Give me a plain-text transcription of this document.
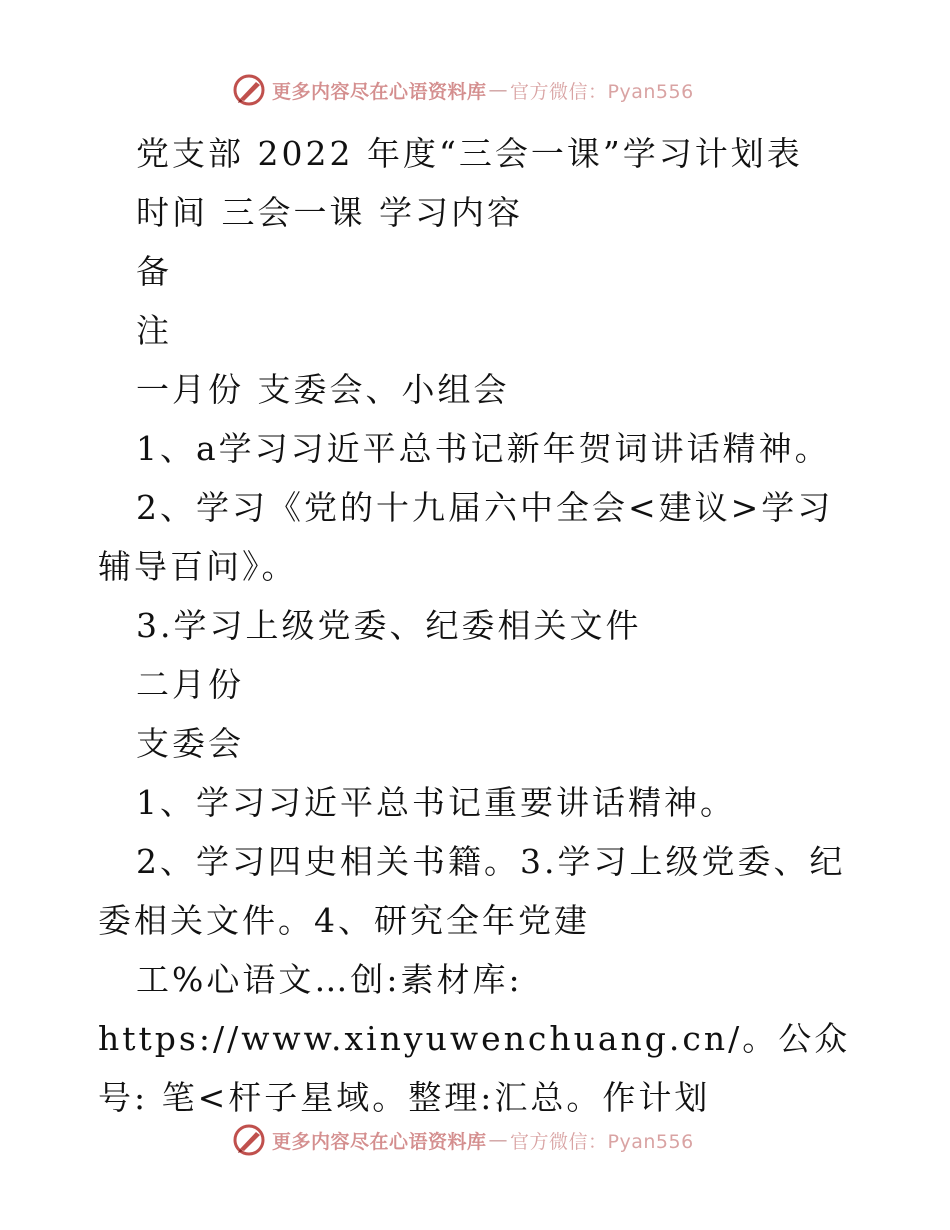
更多内容尽在心语资料库 — 官方微信：Pyan556

党支部 2022 年度“三会一课”学习计划表

时间 三会一课 学习内容

备

注

一月份 支委会、小组会

1、a学习习近平总书记新年贺词讲话精神。

2、学习《党的十九届六中全会<建议>学习辅导百问》。

3.学习上级党委、纪委相关文件

二月份

支委会

1、学习习近平总书记重要讲话精神。

2、学习四史相关书籍。3.学习上级党委、纪委相关文件。4、研究全年党建

工%心语文…创:素材库: https://www.xinyuwenchuang.cn/。公众号: 笔<杆子星域。整理:汇总。作计划

更多内容尽在心语资料库 — 官方微信：Pyan556
